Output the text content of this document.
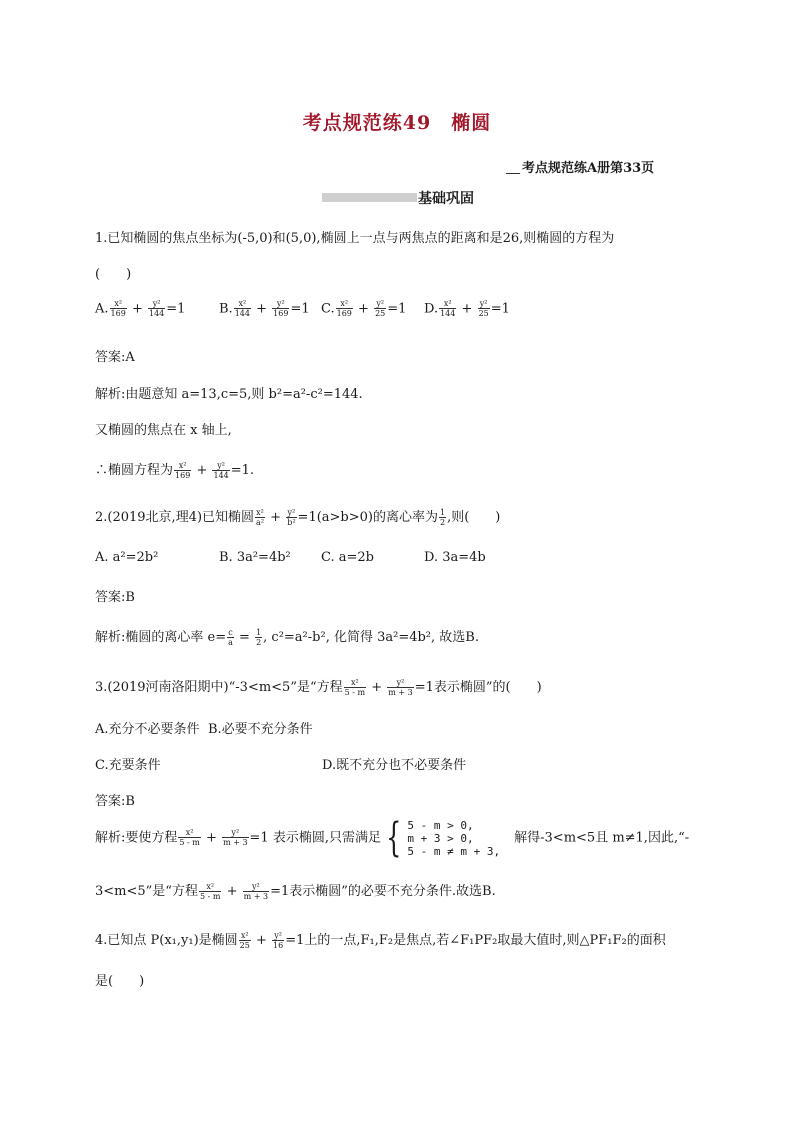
考点规范练49　椭圆
考点规范练A册第33页
基础巩固
1.已知椭圆的焦点坐标为(-5,0)和(5,0),椭圆上一点与两焦点的距离和是26,则椭圆的方程为
(　　)
A. $\frac{\text{x²}}{169} + \frac{\text{y²}}{144} =1$	B. $\frac{\text{x²}}{144} + \frac{\text{y²}}{169} =1$ C. $\frac{\text{x²}}{169} + \frac{\text{y²}}{25} =1$ D. $\frac{\text{x²}}{144} + \frac{\text{y²}}{25} =1$
答案:A
解析:由题意知 a=13,c=5,则 b²=a²-c²=144.
又椭圆的焦点在 x 轴上,
∴椭圆方程为 $\frac{\text{x²}}{169} + \frac{\text{y²}}{144} =1$.
2.(2019北京,理4)已知椭圆 $\frac{\text{x²}}{\text{a²}} + \frac{\text{y²}}{\text{b²}} =1(a>b>0)$的离心率为 $\frac{1}{2}$ ,则(　　)
A. a²=2b²	B. 3a²=4b² C. a=2b	D. 3a=4b
答案:B
解析:椭圆的离心率 $e= \frac{c}{a} = \frac{1}{2}$ , c²=a²-b², 化简得 3a²=4b², 故选B.
3.(2019河南洛阳期中)“-3<m<5”是“方程 $\frac{\text{x²}}{5 - m} + \frac{\text{y²}}{m + 3} =1$表示椭圆”的(　　)
A.充分不必要条件 B.必要不充分条件
C.充要条件	D.既不充分也不必要条件
答案:B
解析:要使方程 $\frac{\text{x²}}{5 - m} + \frac{\text{y²}}{m + 3} =1$ 表示椭圆,只需满足 { 5 - m > 0,
m + 3 > 0,
5 - m ≠ m + 3,
解得-3<m<5且 m≠1,因此,“-
3<m<5”是“方程 $\frac{\text{x²}}{5 - m} + \frac{\text{y²}}{m + 3} =1$表示椭圆”的必要不充分条件.故选B.
4.已知点 P(x₁,y₁)是椭圆 $\frac{\text{x²}}{25} + \frac{\text{y²}}{16} =1$上的一点,F₁,F₂是焦点,若∠F₁PF₂取最大值时,则△PF₁F₂的面积
是(　　)
